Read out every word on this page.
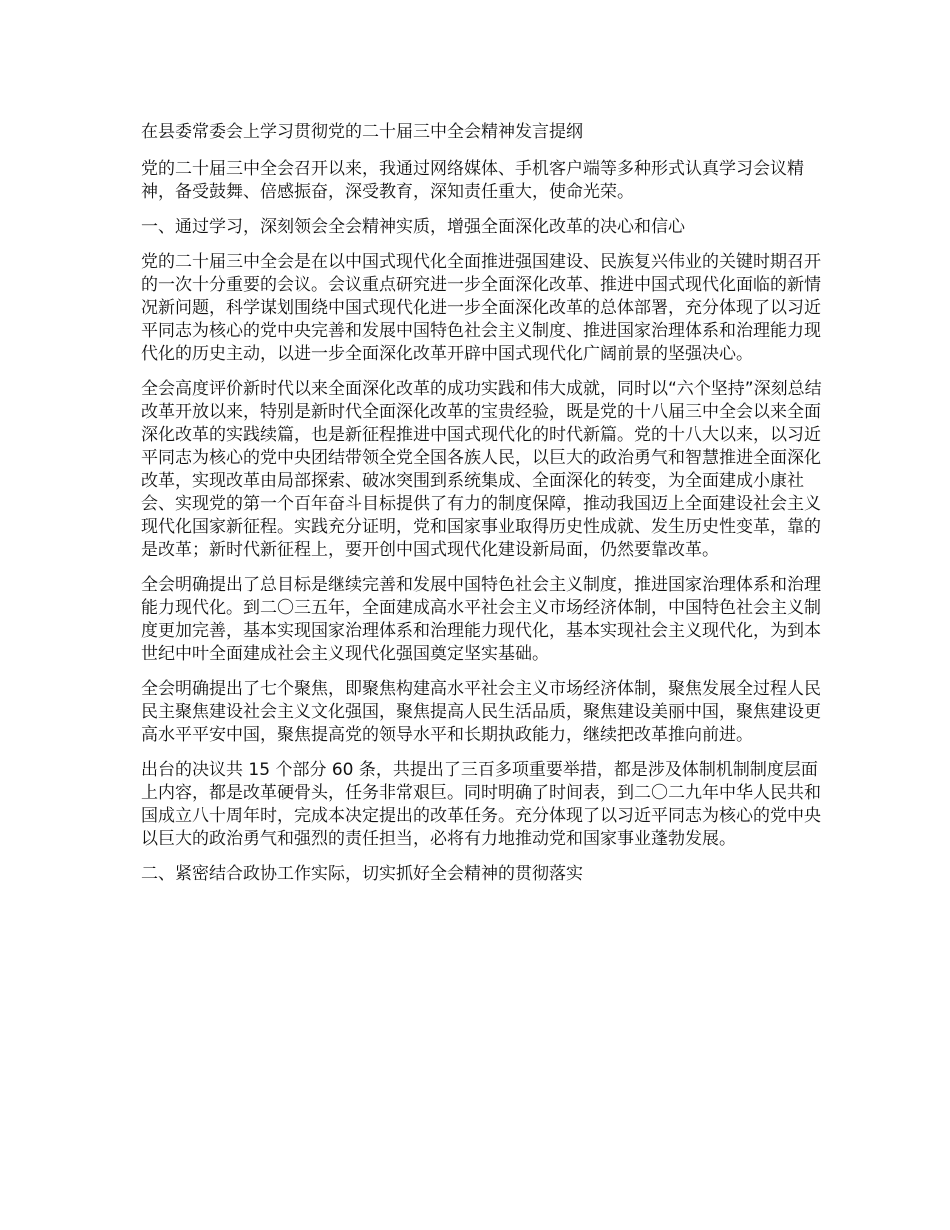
在县委常委会上学习贯彻党的二十届三中全会精神发言提纲

党的二十届三中全会召开以来，我通过网络媒体、手机客户端等多种形式认真学习会议精神，备受鼓舞、倍感振奋，深受教育，深知责任重大，使命光荣。

一、通过学习，深刻领会全会精神实质，增强全面深化改革的决心和信心

党的二十届三中全会是在以中国式现代化全面推进强国建设、民族复兴伟业的关键时期召开的一次十分重要的会议。会议重点研究进一步全面深化改革、推进中国式现代化面临的新情况新问题，科学谋划围绕中国式现代化进一步全面深化改革的总体部署，充分体现了以习近平同志为核心的党中央完善和发展中国特色社会主义制度、推进国家治理体系和治理能力现代化的历史主动，以进一步全面深化改革开辟中国式现代化广阔前景的坚强决心。

全会高度评价新时代以来全面深化改革的成功实践和伟大成就，同时以“六个坚持”深刻总结改革开放以来，特别是新时代全面深化改革的宝贵经验，既是党的十八届三中全会以来全面深化改革的实践续篇，也是新征程推进中国式现代化的时代新篇。党的十八大以来，以习近平同志为核心的党中央团结带领全党全国各族人民，以巨大的政治勇气和智慧推进全面深化改革，实现改革由局部探索、破冰突围到系统集成、全面深化的转变，为全面建成小康社会、实现党的第一个百年奋斗目标提供了有力的制度保障，推动我国迈上全面建设社会主义现代化国家新征程。实践充分证明，党和国家事业取得历史性成就、发生历史性变革，靠的是改革；新时代新征程上，要开创中国式现代化建设新局面，仍然要靠改革。

全会明确提出了总目标是继续完善和发展中国特色社会主义制度，推进国家治理体系和治理能力现代化。到二〇三五年，全面建成高水平社会主义市场经济体制，中国特色社会主义制度更加完善，基本实现国家治理体系和治理能力现代化，基本实现社会主义现代化，为到本世纪中叶全面建成社会主义现代化强国奠定坚实基础。

全会明确提出了七个聚焦，即聚焦构建高水平社会主义市场经济体制，聚焦发展全过程人民民主聚焦建设社会主义文化强国，聚焦提高人民生活品质，聚焦建设美丽中国，聚焦建设更高水平平安中国，聚焦提高党的领导水平和长期执政能力，继续把改革推向前进。

出台的决议共 15 个部分 60 条，共提出了三百多项重要举措，都是涉及体制机制制度层面上内容，都是改革硬骨头，任务非常艰巨。同时明确了时间表，到二〇二九年中华人民共和国成立八十周年时，完成本决定提出的改革任务。充分体现了以习近平同志为核心的党中央以巨大的政治勇气和强烈的责任担当，必将有力地推动党和国家事业蓬勃发展。

二、紧密结合政协工作实际，切实抓好全会精神的贯彻落实
